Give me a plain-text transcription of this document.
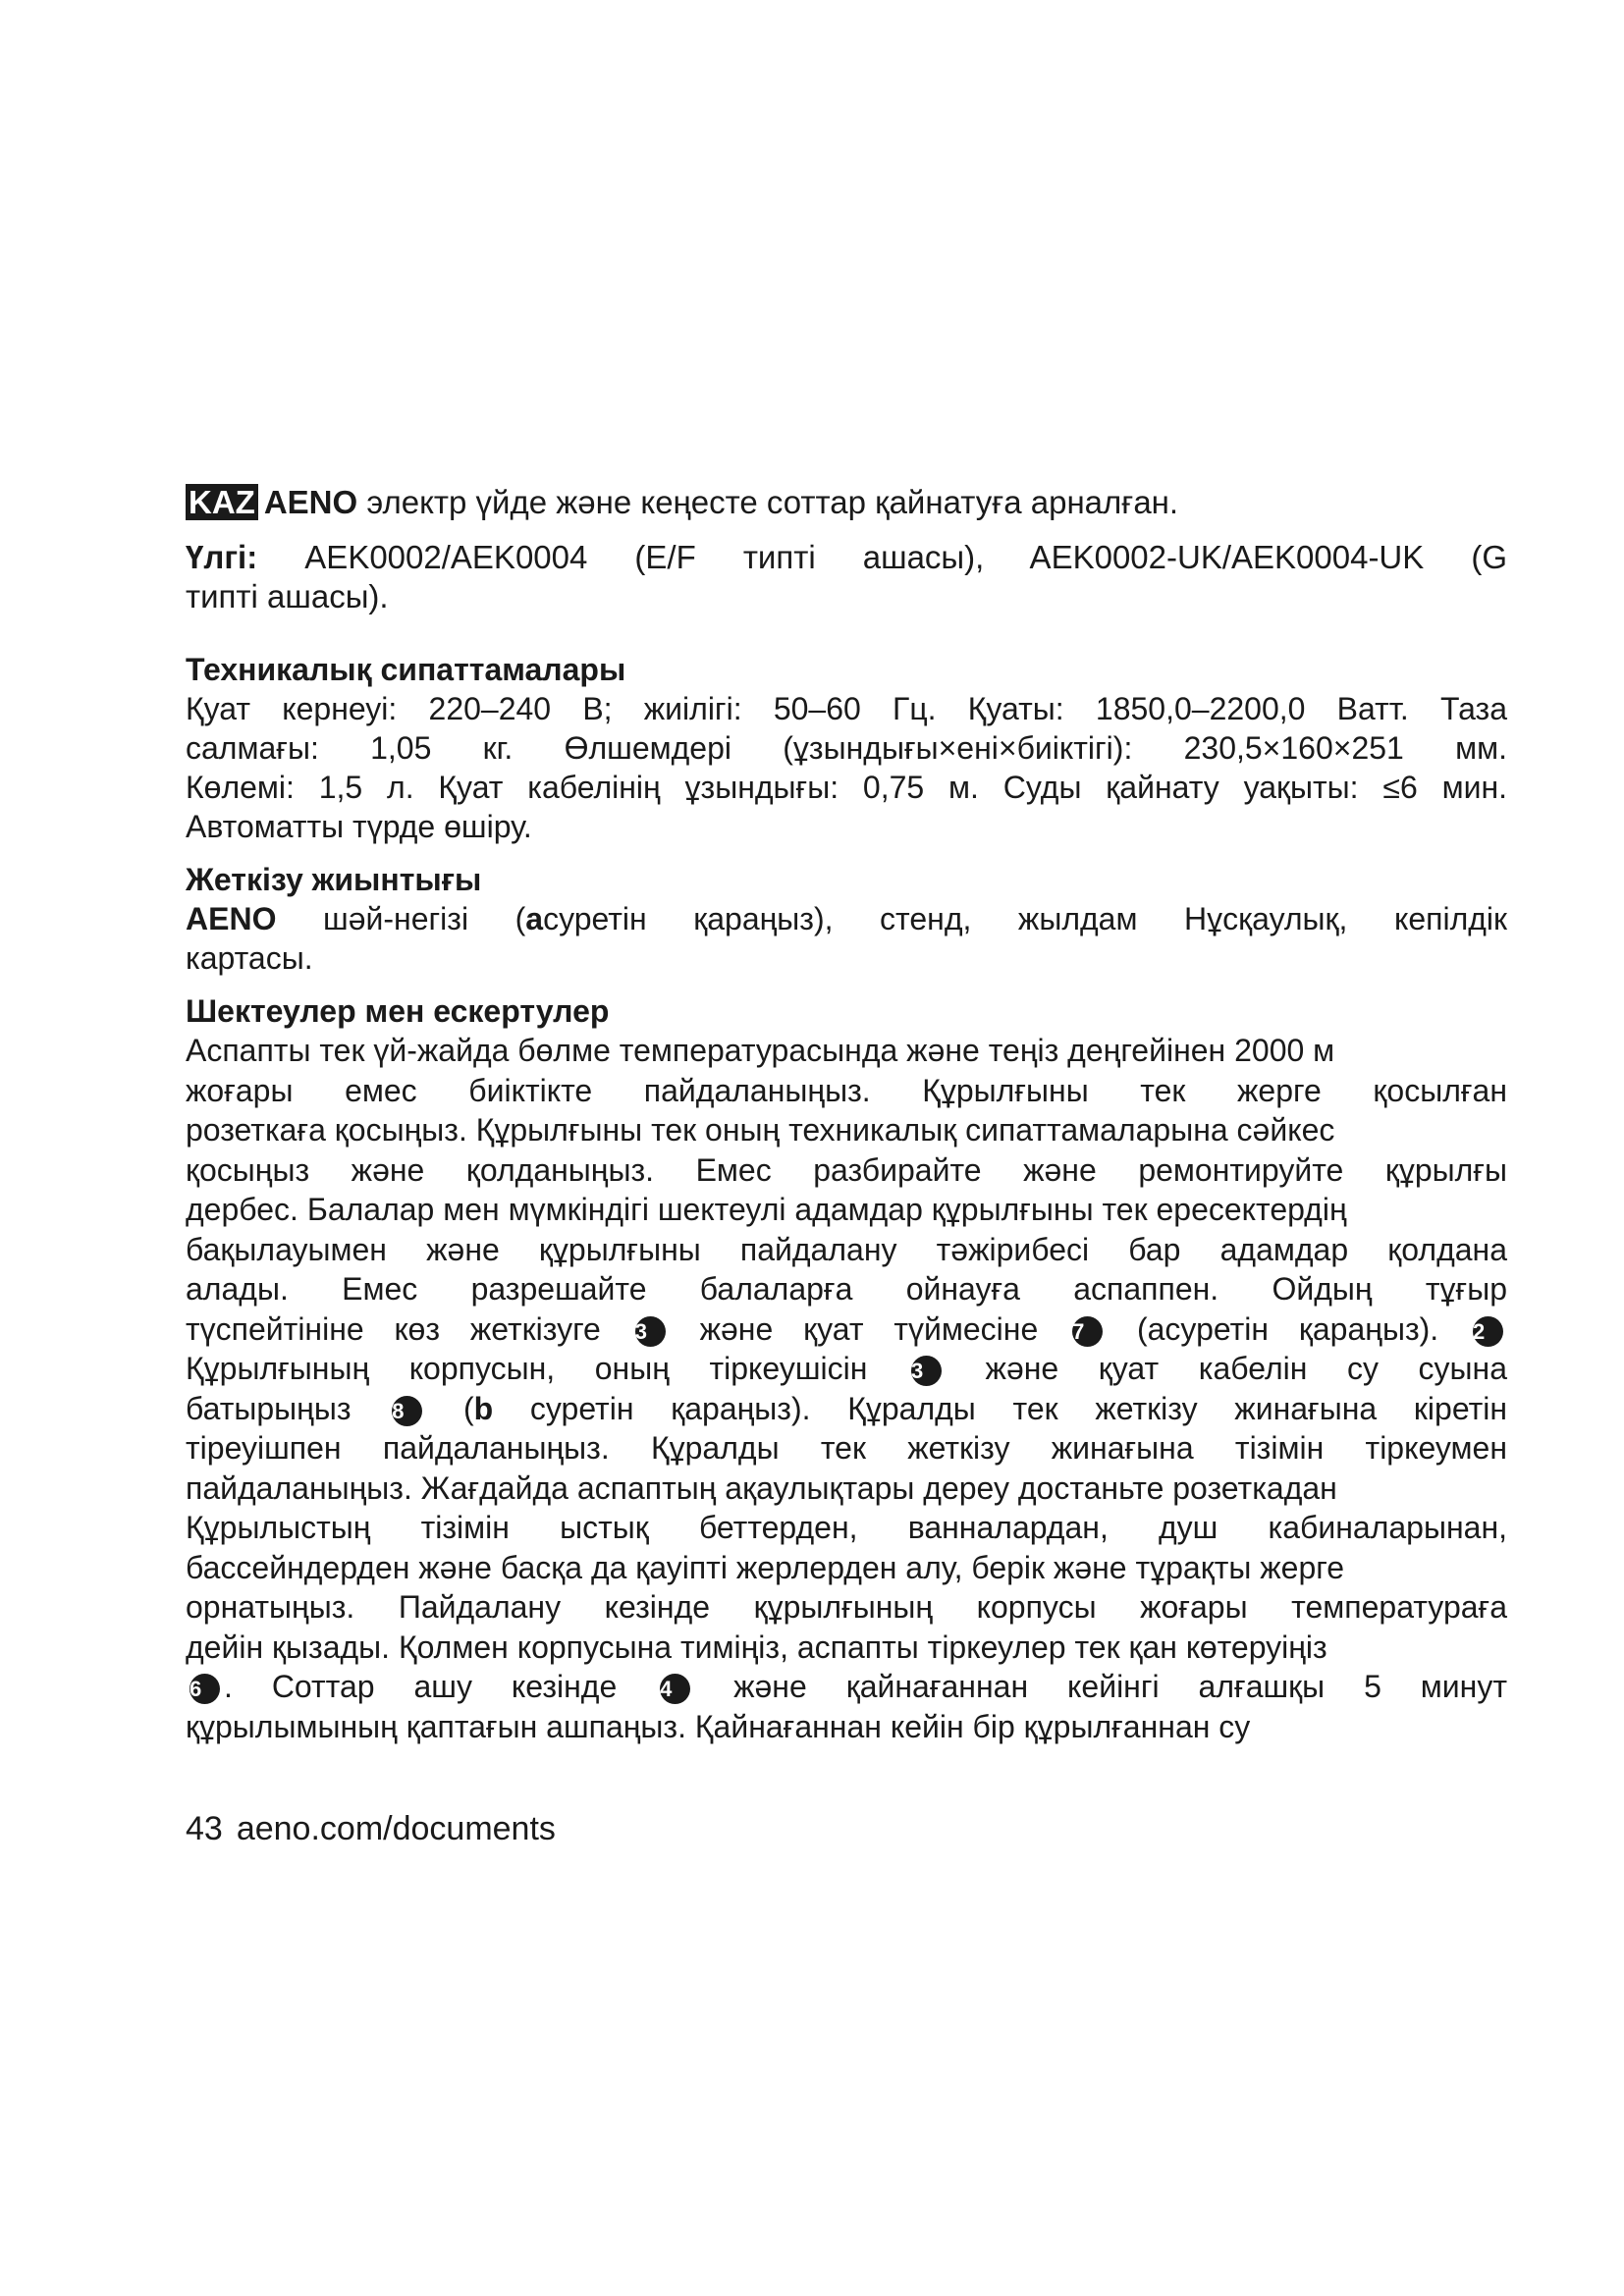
KAZ AENO электр үйде және кеңесте соттар қайнатуға арналған.
Үлгі: AEK0002/AEK0004 (E/F типті ашасы), AEK0002-UK/AEK0004-UK (G
типті ашасы).
Техникалық сипаттамалары
Қуат кернеуі: 220–240 В; жиілігі: 50–60 Гц. Қуаты: 1850,0–2200,0 Ватт. Таза
салмағы: 1,05 кг. Өлшемдері (ұзындығы×ені×биіктігі): 230,5×160×251 мм.
Көлемі: 1,5 л. Қуат кабелінің ұзындығы: 0,75 м. Суды қайнату уақыты: ≤6 мин.
Автоматты түрде өшіру.
Жеткізу жиынтығы
AENO шәй-негізі (aсуретін қараңыз), стенд, жылдам Нұсқаулық, кепілдік
картасы.
Шектеулер мен ескертулер
Аспапты тек үй-жайда бөлме температурасында және теңіз деңгейінен 2000 м
жоғары емес биіктікте пайдаланыңыз. Құрылғыны тек жерге қосылған
розеткаға қосыңыз. Құрылғыны тек оның техникалық сипаттамаларына сәйкес
қосыңыз және қолданыңыз. Емес разбирайте және ремонтируйте құрылғы
дербес. Балалар мен мүмкіндігі шектеулі адамдар құрылғыны тек ересектердің
бақылауымен және құрылғыны пайдалану тәжірибесі бар адамдар қолдана
алады. Емес разрешайте балаларға ойнауға аспаппен. Ойдың тұғыр
түспейтініне көз жеткізуге 3 және қуат түймесіне 7 (асуретін қараңыз). 2
Құрылғының корпусын, оның тіркеушісін 3 және қуат кабелін су суына
батырыңыз 8 (b суретін қараңыз). Құралды тек жеткізу жинағына кіретін
тіреуішпен пайдаланыңыз. Құралды тек жеткізу жинағына тізімін тіркеумен
пайдаланыңыз. Жағдайда аспаптың ақаулықтары дереу достаньте розеткадан
Құрылыстың тізімін ыстық беттерден, ванналардан, душ кабиналарынан,
бассейндерден және басқа да қауіпті жерлерден алу, берік және тұрақты жерге
орнатыңыз. Пайдалану кезінде құрылғының корпусы жоғары температураға
дейін қызады. Қолмен корпусына тиміңіз, аспапты тіркеулер тек қан көтеруіңіз
6 . Соттар ашу кезінде 4 және қайнағаннан кейінгі алғашқы 5 минут
құрылымының қаптағын ашпаңыз. Қайнағаннан кейін бір құрылғаннан су
43 aeno.com/documents
